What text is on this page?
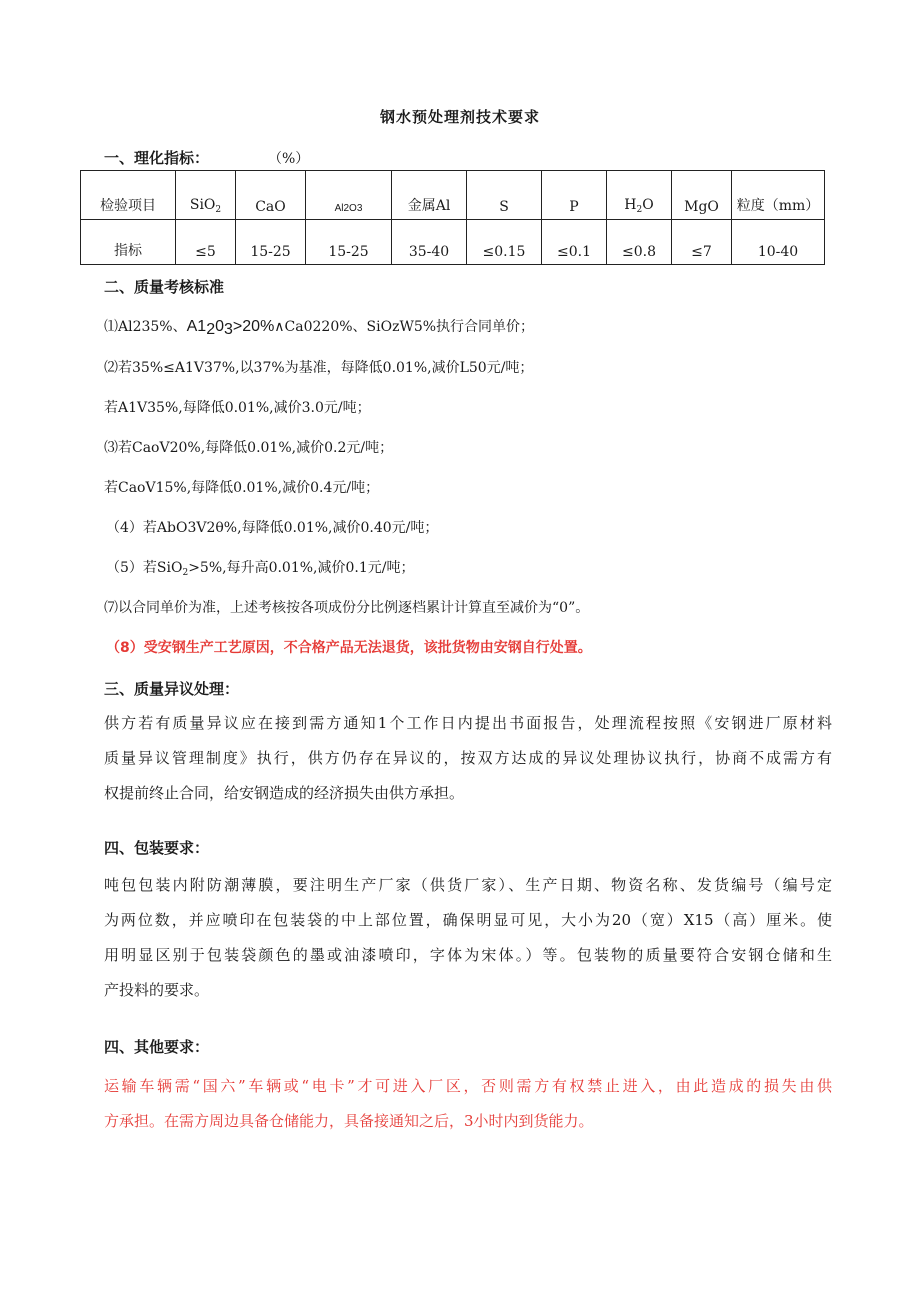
钢水预处理剂技术要求
一、理化指标：	（%）
检验项目	SiO$_2$	CaO	Al2O3	金属Al	S	P	$H_2O$	MgO	粒度（mm）
指标	≤5	15-25	15-25	35-40	≤0.15	≤0.1	≤0.8	≤7	10-40
二、质量考核标准
⑴Al235%、A1203>20%∧Ca0220%、SiOzW5%执行合同单价；
⑵若35%≤A1V37%,以37%为基准，每降低0.01%,减价L50元/吨；
若A1V35%,每降低0.01%,减价3.0元/吨；
⑶若CaoV20%,每降低0.01%,减价0.2元/吨；
若CaoV15%,每降低0.01%,减价0.4元/吨；
（4）若AbO3V2θ%,每降低0.01%,减价0.40元/吨；
（5）若SiO$_2$>5%,每升高0.01%,减价0.1元/吨；
⑺以合同单价为准，上述考核按各项成份分比例逐档累计计算直至减价为“0”。
（8）受安钢生产工艺原因，不合格产品无法退货，该批货物由安钢自行处置。
三、质量异议处理：
供方若有质量异议应在接到需方通知1个工作日内提出书面报告，处理流程按照《安钢进厂原材料
质量异议管理制度》执行，供方仍存在异议的，按双方达成的异议处理协议执行，协商不成需方有
权提前终止合同，给安钢造成的经济损失由供方承担。
四、包装要求：
吨包包装内附防潮薄膜，要注明生产厂家（供货厂家）、生产日期、物资名称、发货编号（编号定
为两位数，并应喷印在包装袋的中上部位置，确保明显可见，大小为20（宽）X15（高）厘米。使
用明显区别于包装袋颜色的墨或油漆喷印，字体为宋体。）等。包装物的质量要符合安钢仓储和生
产投料的要求。
四、其他要求：
运输车辆需“国六”车辆或“电卡”才可进入厂区，否则需方有权禁止进入，由此造成的损失由供
方承担。在需方周边具备仓储能力，具备接通知之后，3小时内到货能力。
